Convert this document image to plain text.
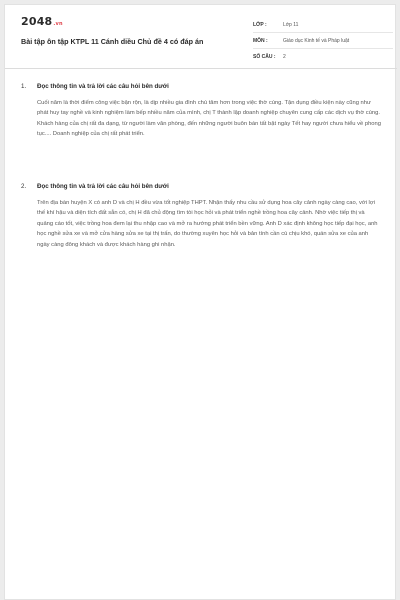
2048.vn
Bài tập ôn tập KTPL 11 Cánh diều Chủ đề 4 có đáp án
LỚP :	Lớp 11
MÔN :	Giáo dục Kinh tế và Pháp luật
SỐ CÂU :	2
1.	Đọc thông tin và trả lời các câu hỏi bên dưới

Cuối năm là thời điểm công việc bận rộn, là dịp nhiều gia đình chú tâm hơn trong việc thờ cúng. Tận dụng điều kiện này cũng như phát huy tay nghề và kinh nghiệm làm bếp nhiều năm của mình, chị T thành lập doanh nghiệp chuyên cung cấp các dịch vụ thờ cúng. Khách hàng của chị rất đa dạng, từ người làm văn phòng, đến những người buôn bán tất bật ngày Tết hay người chưa hiểu về phong tục.... Doanh nghiệp của chị rất phát triển.

2.	Đọc thông tin và trả lời các câu hỏi bên dưới

Trên địa bàn huyện X có anh D và chị H đều vừa tốt nghiệp THPT. Nhận thấy nhu cầu sử dụng hoa cây cảnh ngày càng cao, với lợi thế khí hậu và diện tích đất sẵn có, chị H đã chủ động tìm tòi học hỏi và phát triển nghề trồng hoa cây cảnh. Nhờ việc tiếp thị và quảng cáo tốt, việc trồng hoa đem lại thu nhập cao và mở ra hướng phát triển bền vững. Anh D xác định không học tiếp đại học, anh học nghề sửa xe và mở cửa hàng sửa xe tại thị trấn, do thường xuyên học hỏi và bản tính cần cù chịu khó, quán sửa xe của anh ngày càng đông khách và được khách hàng ghi nhận.
